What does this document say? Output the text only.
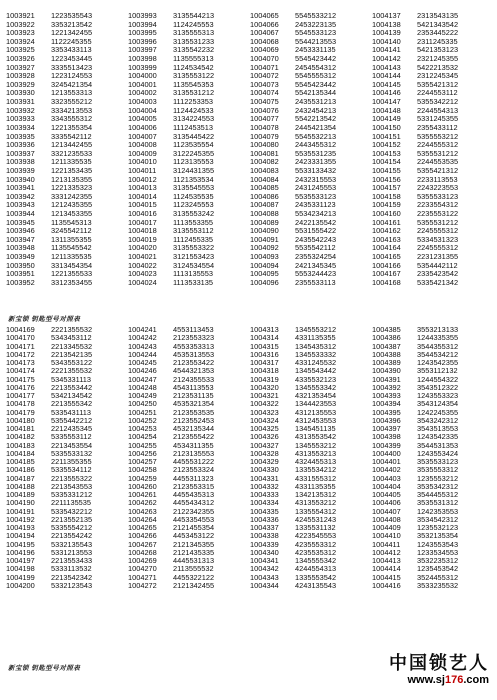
1003921
1003922
1003923
1003924
1003925
1003926
1003927
1003928
1003929
1003930
1003931
1003932
1003933
1003934
1003935
1003936
1003937
1003938
1003939
1003940
1003941
1003942
1003943
1003944
1003945
1003946
1003947
1003948
1003949
1003950
1003951
1003952
1223535543
3353213542
1221342455
1122245355
3353433113
1223453445
3335513423
1223124553
3245421354
1213553313
3323555212
3334213553
3343555312
1221355354
3335542112
1213442455
3321235533
1211335535
1221353435
1213135355
1221335323
3331242355
1212435355
1213453355
1135545313
3245542112
1311355355
1135545542
1211335535
3313454354
1221355533
3312353455
1003993
1003994
1003995
1003996
1003997
1003998
1003999
1004000
1004001
1004002
1004003
1004004
1004005
1004006
1004007
1004008
1004009
1004010
1004011
1004012
1004013
1004014
1004015
1004016
1004017
1004018
1004019
1004020
1004021
1004022
1004023
1004024
3135544213
1124245553
3135555313
3135531233
3135542232
1135555313
1124534542
3135553122
1135545353
3135531212
1112253353
1124424533
3134224553
1112453513
3135445422
1123535554
3122245355
1123135553
3124431355
1121353534
3135545553
1124535535
1123245553
3135553242
1113553355
3135553112
1112455335
3135553322
3121553423
3124534554
1113135553
1113533135
1004065
1004066
1004067
1004068
1004069
1004070
1004071
1004072
1004073
1004074
1004075
1004076
1004077
1004078
1004079
1004080
1004081
1004082
1004083
1004084
1004085
1004086
1004087
1004088
1004089
1004090
1004091
1004092
1004093
1004094
1004095
1004096
5545533212
2453223135
5545533123
5544213553
2453331135
5545423442
2454554312
5545555312
5545423442
5542135344
2435531213
2432454213
5542213542
2445421354
5545532213
2443455312
5535531235
2423331355
5533133432
2432315553
2431245553
5535533123
2435331123
5534234213
2422135542
5531555422
2435542243
5535542112
2355324254
2421345345
5553244423
2355533113
1004137
1004138
1004139
1004140
1004141
1004142
1004143
1004144
1004145
1004146
1004147
1004148
1004149
1004150
1004151
1004152
1004153
1004154
1004155
1004156
1004157
1004158
1004159
1004160
1004161
1004162
1004163
1004164
1004165
1004166
1004167
1004168
2313543135
5421343542
2353445222
2311245335
5421353123
2321245355
5422213532
2312245345
5355421312
2244553112
5355342212
2244554313
5331245355
2355433112
5355553212
2244555312
5355531212
2244553535
5355421312
2233113553
2243223553
5355533123
2233554312
2235553122
5355531212
2245555312
5334531323
2245555312
2231231355
5354442112
2335423542
5335421342
新宝锁 钥匙型号对照表
1004169
1004170
1004171
1004172
1004173
1004174
1004175
1004176
1004177
1004178
1004179
1004180
1004181
1004182
1004183
1004184
1004185
1004186
1004187
1004188
1004189
1004190
1004191
1004192
1004193
1004194
1004195
1004196
1004197
1004198
1004199
1004200
2221355532
5343453112
2213345532
2213542135
5343553122
2221355532
5345331113
2213553442
5342134542
2213555342
5335431113
5355442212
2212435345
5335553112
2213453554
5335533132
2211355355
5335534112
2213555322
2213543553
5335331212
2211135535
5335432212
2213552135
5335554212
2213554242
5332135543
5331213553
2213553433
5333113532
2213542342
5332123543
1004241
1004242
1004243
1004244
1004245
1004246
1004247
1004248
1004249
1004250
1004251
1004252
1004253
1004254
1004255
1004256
1004257
1004258
1004259
1004260
1004261
1004262
1004263
1004264
1004265
1004266
1004267
1004268
1004269
1004270
1004271
1004272
4553113453
2123553323
4553353313
4535313553
2123553422
4544321353
2124355533
4543113553
2123531135
4535321354
2123553535
2123552453
4532135344
2123555422
4534311355
2123135553
4455531222
2123553324
4455311323
2123553315
4455435313
4455434312
2122342355
4453354553
2121455354
4453453122
2121345355
2121435335
4445531313
2113555532
4455322122
2121342455
1004313
1004314
1004315
1004316
1004317
1004318
1004319
1004320
1004321
1004322
1004323
1004324
1004325
1004326
1004327
1004328
1004329
1004330
1004331
1004332
1004333
1004334
1004335
1004336
1004337
1004338
1004339
1004340
1004341
1004342
1004343
1004344
1345553212
4331135355
1345435312
1345533332
4331245532
1345543442
4335532123
1345553342
4321353454
1344423553
4312135553
4312453553
1345451135
4313553542
1345553212
4313553213
4324455313
1335534212
4331555312
4331135355
1342135312
4313553212
1335554312
4245531243
1335531132
4223545553
4235553312
4235535312
1345555342
4244554313
1335553542
4243135543
1004385
1004386
1004387
1004388
1004389
1004390
1004391
1004392
1004393
1004394
1004395
1004396
1004397
1004398
1004399
1004400
1004401
1004402
1004403
1004404
1004405
1004406
1004407
1004408
1004409
1004410
1004411
1004412
1004413
1004414
1004415
1004416
3553213133
1244335355
3544355312
3544534212
1243542355
3553112132
1244554322
3543512322
1243553323
3543124354
1242245355
3543242312
3543513553
1243542335
3544531353
1243553424
3535533123
3535553312
1235553212
3535342312
3544455312
3535531312
1242353553
3534542312
1235532123
3532135354
1243553543
1233534553
3532235312
1235453542
3524455312
3533235532
新宝锁 钥匙型号对照表	中国锁艺人
www.sj176.com
